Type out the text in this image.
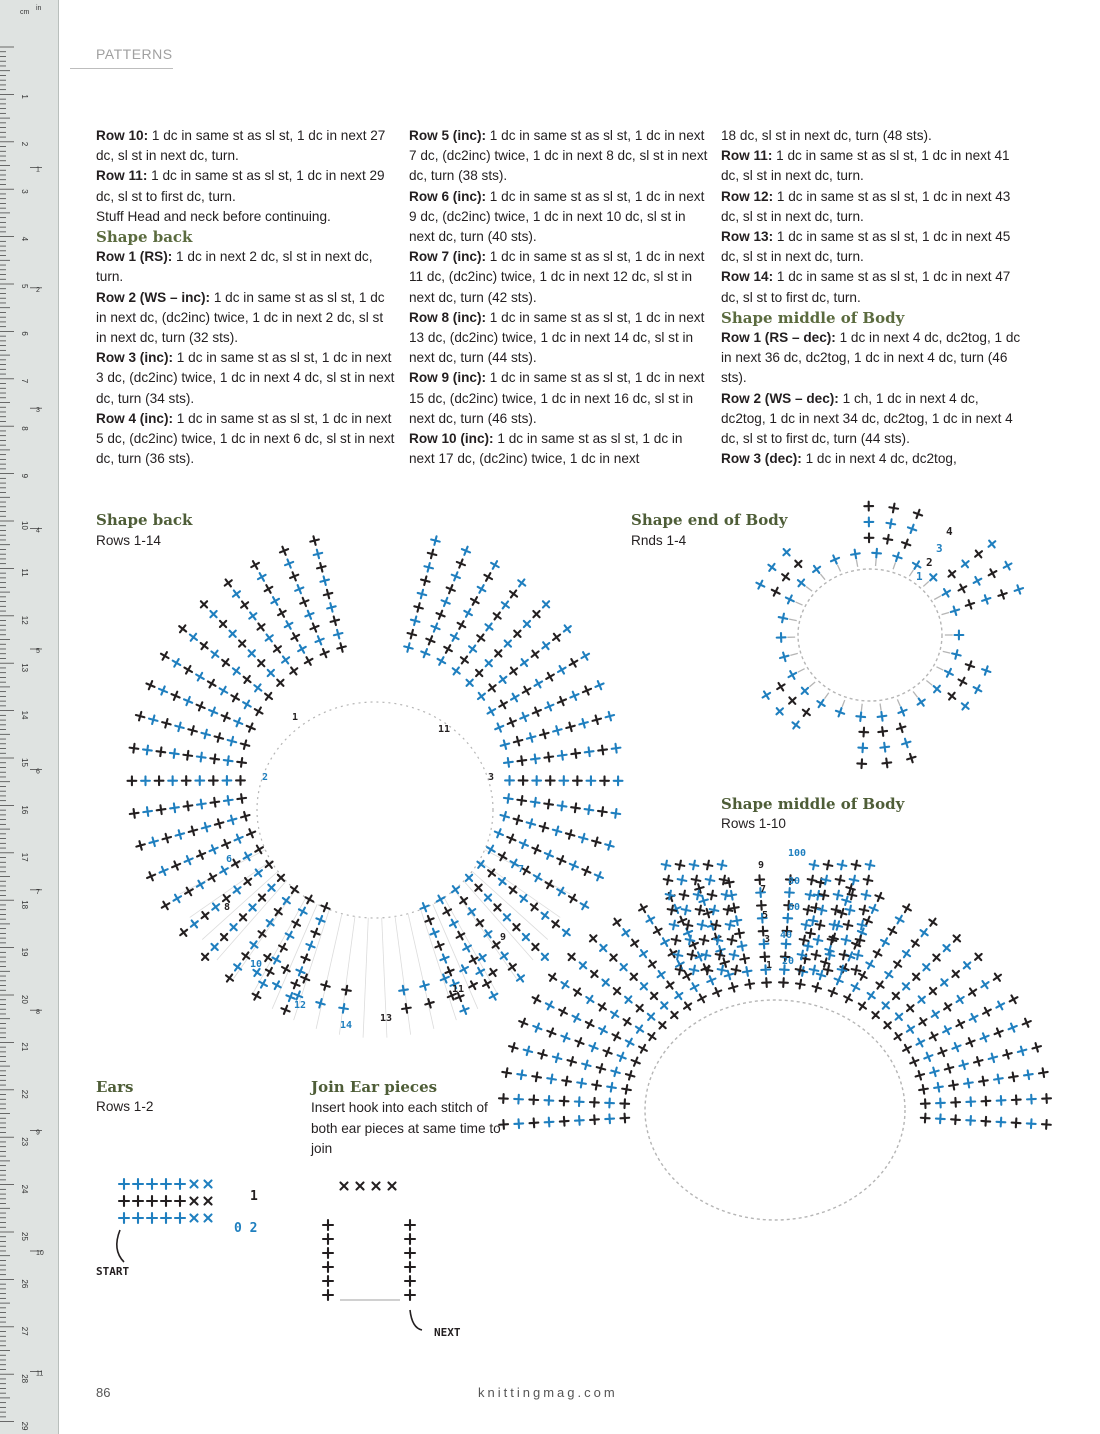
1
2
3
4
5
6
7
8
9
10
11
12
13
14
15
16
17
18
19
20
21
22
23
24
25
26
27
28
29
1
2
3
4
5
6
7
8
9
10
11
cm
in
PATTERNS

Row 10: 1 dc in same st as sl st, 1 dc in next 27 dc, sl st in next dc, turn.

Row 11: 1 dc in same st as sl st, 1 dc in next 29 dc, sl st to first dc, turn.

Stuff Head and neck before continuing.

Shape back

Row 1 (RS): 1 dc in next 2 dc, sl st in next dc, turn.

Row 2 (WS – inc): 1 dc in same st as sl st, 1 dc in next dc, (dc2inc) twice, 1 dc in next 2 dc, sl st in next dc, turn (32 sts).

Row 3 (inc): 1 dc in same st as sl st, 1 dc in next 3 dc, (dc2inc) twice, 1 dc in next 4 dc, sl st in next dc, turn (34 sts).

Row 4 (inc): 1 dc in same st as sl st, 1 dc in next 5 dc, (dc2inc) twice, 1 dc in next 6 dc, sl st in next dc, turn (36 sts).

Row 5 (inc): 1 dc in same st as sl st, 1 dc in next 7 dc, (dc2inc) twice, 1 dc in next 8 dc, sl st in next dc, turn (38 sts).

Row 6 (inc): 1 dc in same st as sl st, 1 dc in next 9 dc, (dc2inc) twice, 1 dc in next 10 dc, sl st in next dc, turn (40 sts).

Row 7 (inc): 1 dc in same st as sl st, 1 dc in next 11 dc, (dc2inc) twice, 1 dc in next 12 dc, sl st in next dc, turn (42 sts).

Row 8 (inc): 1 dc in same st as sl st, 1 dc in next 13 dc, (dc2inc) twice, 1 dc in next 14 dc, sl st in next dc, turn (44 sts).

Row 9 (inc): 1 dc in same st as sl st, 1 dc in next 15 dc, (dc2inc) twice, 1 dc in next 16 dc, sl st in next dc, turn (46 sts).

Row 10 (inc): 1 dc in same st as sl st, 1 dc in next 17 dc, (dc2inc) twice, 1 dc in next

18 dc, sl st in next dc, turn (48 sts).

Row 11: 1 dc in same st as sl st, 1 dc in next 41 dc, sl st in next dc, turn.

Row 12: 1 dc in same st as sl st, 1 dc in next 43 dc, sl st in next dc, turn.

Row 13: 1 dc in same st as sl st, 1 dc in next 45 dc, sl st in next dc, turn.

Row 14: 1 dc in same st as sl st, 1 dc in next 47 dc, sl st to first dc, turn.

Shape middle of Body

Row 1 (RS – dec): 1 dc in next 4 dc, dc2tog, 1 dc in next 36 dc, dc2tog, 1 dc in next 4 dc, turn (46 sts).

Row 2 (WS – dec): 1 ch, 1 dc in next 4 dc, dc2tog, 1 dc in next 34 dc, dc2tog, 1 dc in next 4 dc, sl st to first dc, turn (44 sts).

Row 3 (dec): 1 dc in next 4 dc, dc2tog,

Shape back
Rows 1-14
Shape end of Body
Rnds 1-4
Shape middle of Body
Rows 1-10
Ears
Rows 1-2
Join Ear pieces
Insert hook into each stitch of both ear pieces at same time to join
1
2	3
6
8
7
9
10
11
12
13
14
11
4
3
2
1
9
7
5
3
1
100
80
60
40
20
1
0 2
START
NEXT
86	knittingmag.com
